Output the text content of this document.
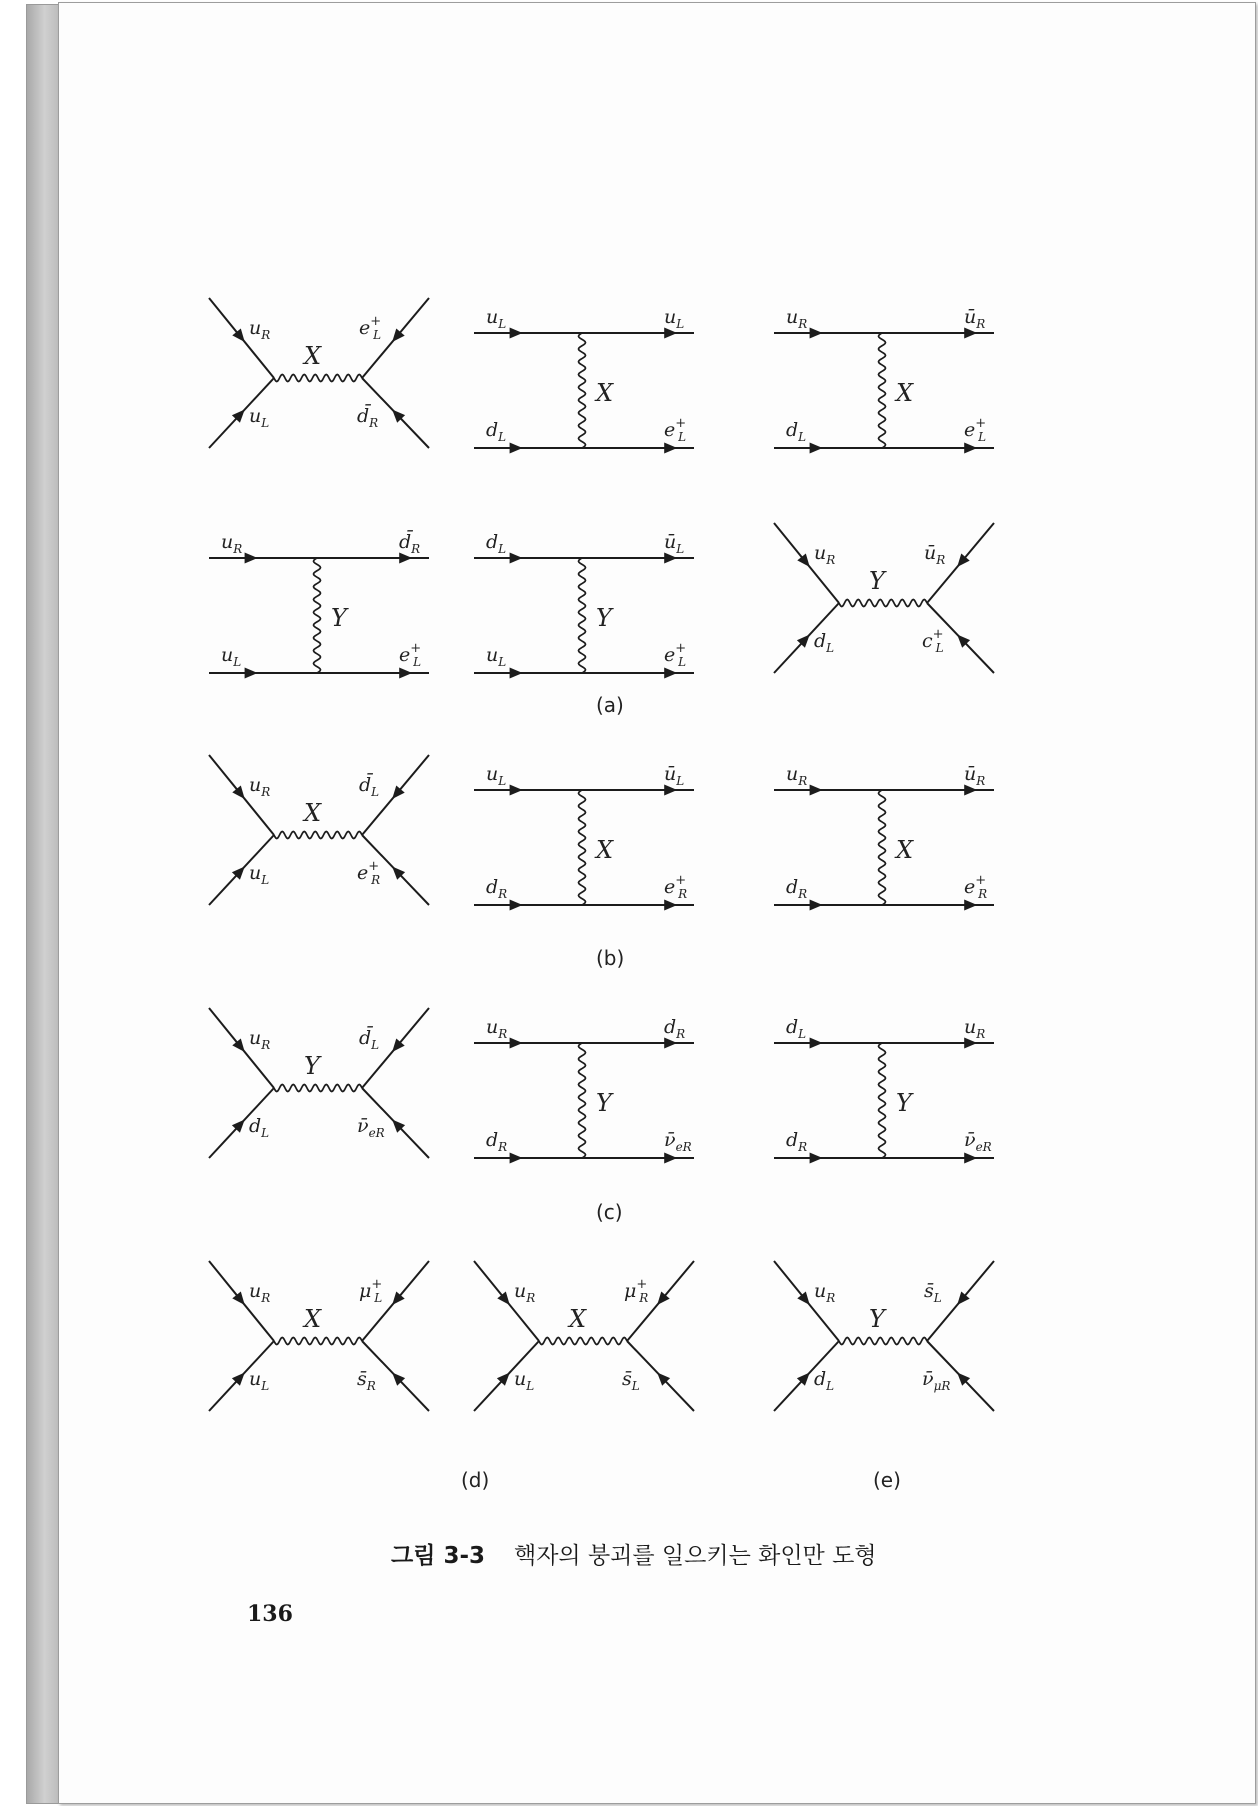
$u_R$
$u_L$
e+ L
$d̄_R$
X
$u_L$
$d_L$
$u_L$
e+ L
X
$u_R$
$d_L$
$ū_R$
e+ L
X
$u_R$
$u_L$
$d̄_R$
e+ L
Y
$d_L$
$u_L$
$ū_L$
e+ L
Y
$u_R$
$d_L$
$ū_R$
c+ L
Y
$u_R$
$u_L$
$d̄_L$
e+ R
X
$u_L$
$d_R$
$ū_L$
e+ R
X
$u_R$
$d_R$
$ū_R$
e+ R
X
$u_R$
$d_L$
$d̄_L$
$\nū_{eR}$
Y
$u_R$
$d_R$
$d_R$
$\nū_{eR}$
Y
$d_L$
$d_R$
$u_R$
$\nū_{eR}$
Y
$u_R$
$u_L$
μ+ L
$s̄_R$
X
$u_R$
$u_L$
μ+ R
$s̄_L$
X
$u_R$
$d_L$
$s̄_L$
$\nū_{\mu R}$
Y
(a)
(b)
(c)
(d)	(e)
그림 3-3 핵자의 붕괴를 일으키는 화인만 도형
136
